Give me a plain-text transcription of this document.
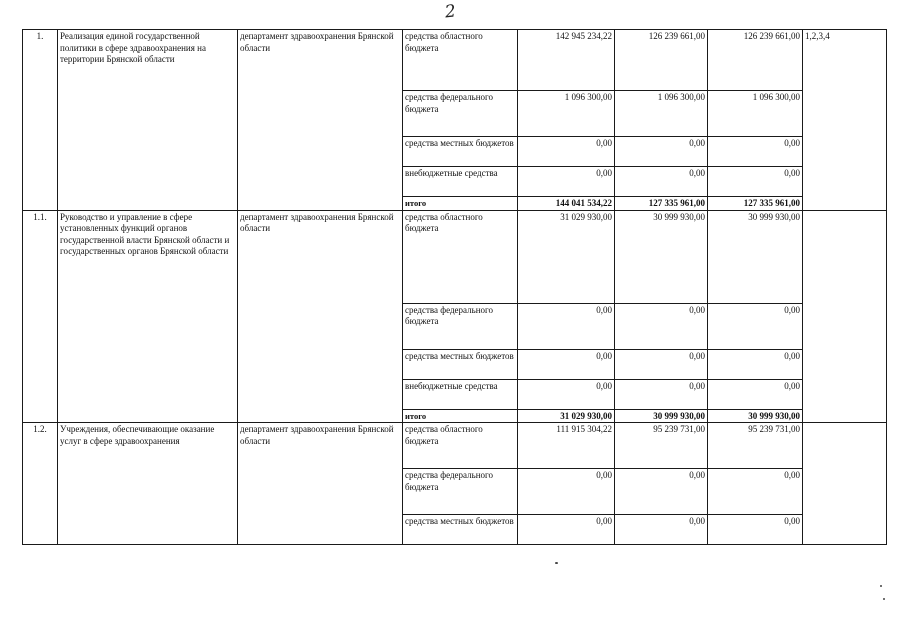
2
1.	Реализация единой государственной политики в сфере здравоохранения на территории Брянской области	департамент здравоохранения Брянской области	средства областного бюджета	142 945 234,22	126 239 661,00	126 239 661,00	1,2,3,4
			средства федерального бюджета	1 096 300,00	1 096 300,00	1 096 300,00	
			средства местных бюджетов	0,00	0,00	0,00	
			внебюджетные средства	0,00	0,00	0,00	
			итого	144 041 534,22	127 335 961,00	127 335 961,00	
1.1.	Руководство и управление в сфере установленных функций органов государственной власти Брянской области и государственных органов Брянской области	департамент здравоохранения Брянской области	средства областного бюджета	31 029 930,00	30 999 930,00	30 999 930,00	
			средства федерального бюджета	0,00	0,00	0,00	
			средства местных бюджетов	0,00	0,00	0,00	
			внебюджетные средства	0,00	0,00	0,00	
			итого	31 029 930,00	30 999 930,00	30 999 930,00	
1.2.	Учреждения, обеспечивающие оказание услуг в сфере здравоохранения	департамент здравоохранения Брянской области	средства областного бюджета	111 915 304,22	95 239 731,00	95 239 731,00	
			средства федерального бюджета	0,00	0,00	0,00	
			средства местных бюджетов	0,00	0,00	0,00	
